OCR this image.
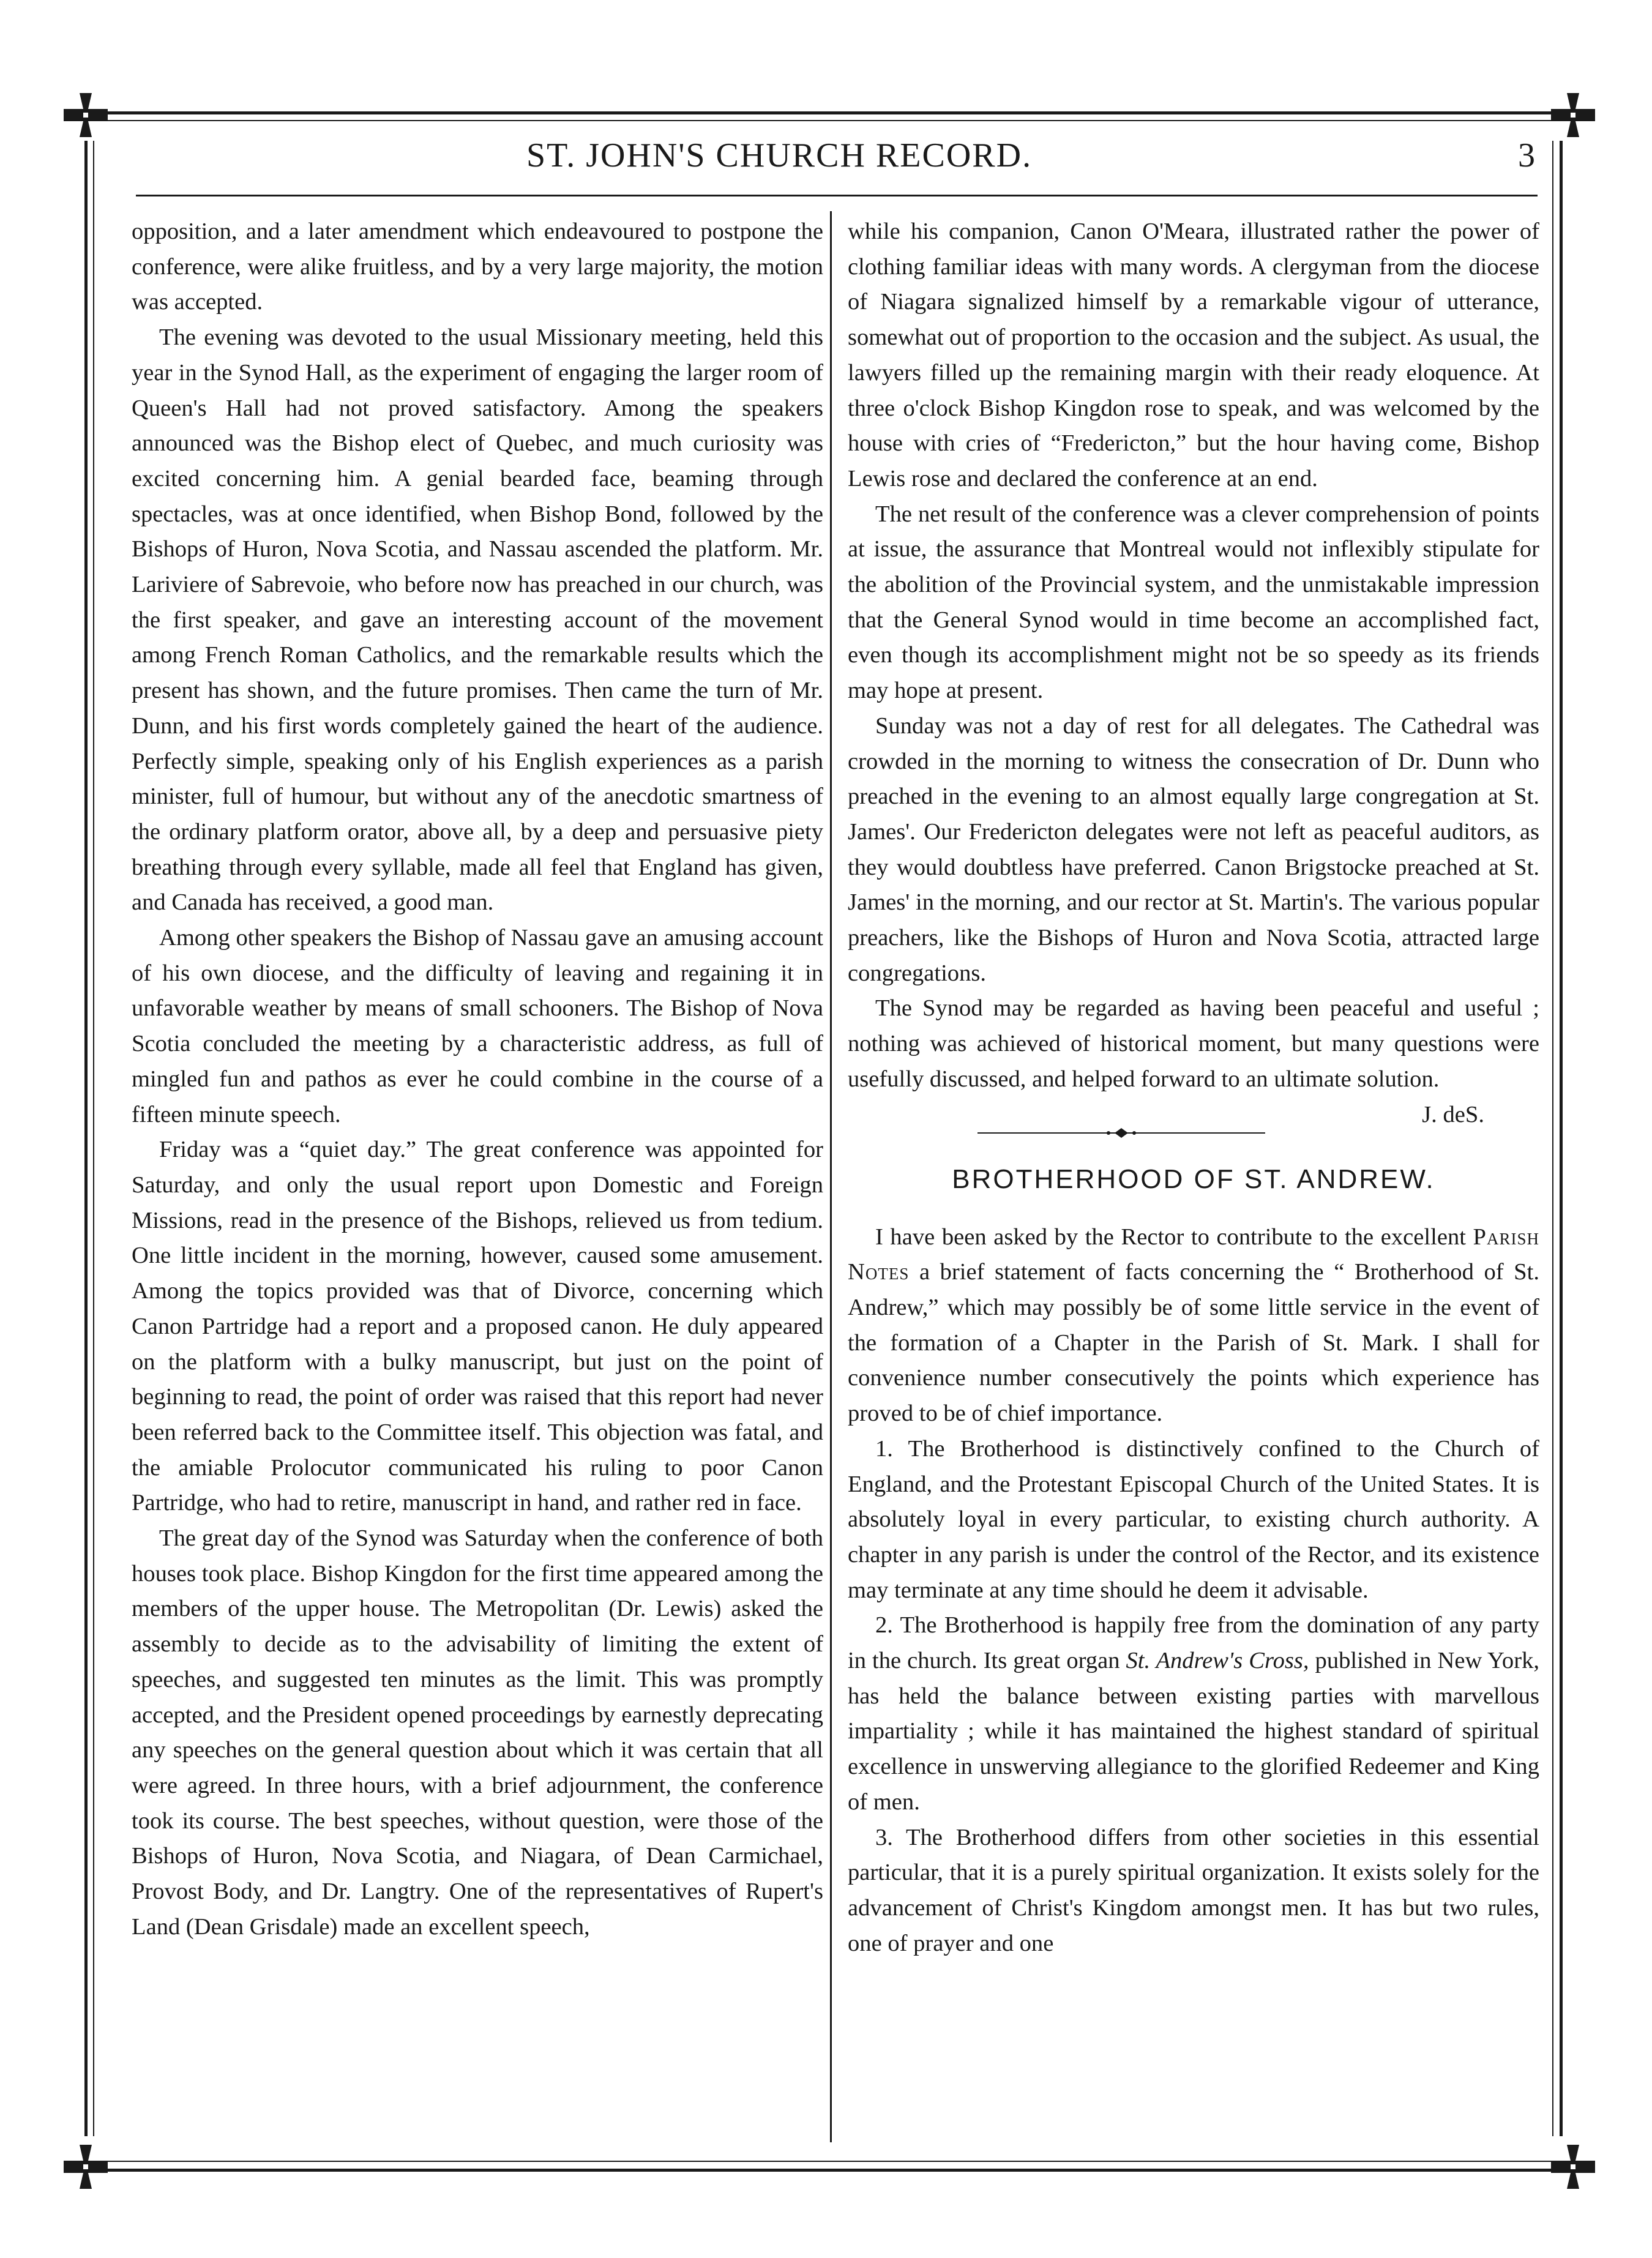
ST. JOHN'S CHURCH RECORD.	3

opposition, and a later amendment which endeavoured to postpone the conference, were alike fruitless, and by a very large majority, the motion was accepted.

The evening was devoted to the usual Missionary meeting, held this year in the Synod Hall, as the experiment of engaging the larger room of Queen's Hall had not proved satisfactory. Among the speakers announced was the Bishop elect of Quebec, and much curiosity was excited concerning him. A genial bearded face, beaming through spectacles, was at once identified, when Bishop Bond, followed by the Bishops of Huron, Nova Scotia, and Nassau ascended the platform. Mr. Lariviere of Sabrevoie, who before now has preached in our church, was the first speaker, and gave an interesting account of the movement among French Roman Catholics, and the remarkable results which the present has shown, and the future promises. Then came the turn of Mr. Dunn, and his first words completely gained the heart of the audience. Perfectly simple, speaking only of his English experiences as a parish minister, full of humour, but without any of the anecdotic smartness of the ordinary platform orator, above all, by a deep and persuasive piety breathing through every syllable, made all feel that England has given, and Canada has received, a good man.

Among other speakers the Bishop of Nassau gave an amusing account of his own diocese, and the difficulty of leaving and regaining it in unfavorable weather by means of small schooners. The Bishop of Nova Scotia concluded the meeting by a characteristic address, as full of mingled fun and pathos as ever he could combine in the course of a fifteen minute speech.

Friday was a “quiet day.” The great conference was appointed for Saturday, and only the usual report upon Domestic and Foreign Missions, read in the presence of the Bishops, relieved us from tedium. One little incident in the morning, however, caused some amusement. Among the topics provided was that of Divorce, concerning which Canon Partridge had a report and a proposed canon. He duly appeared on the platform with a bulky manuscript, but just on the point of beginning to read, the point of order was raised that this report had never been referred back to the Committee itself. This objection was fatal, and the amiable Prolocutor communicated his ruling to poor Canon Partridge, who had to retire, manuscript in hand, and rather red in face.

The great day of the Synod was Saturday when the conference of both houses took place. Bishop Kingdon for the first time appeared among the members of the upper house. The Metropolitan (Dr. Lewis) asked the assembly to decide as to the advisability of limiting the extent of speeches, and suggested ten minutes as the limit. This was promptly accepted, and the President opened proceedings by earnestly deprecating any speeches on the general question about which it was certain that all were agreed. In three hours, with a brief adjournment, the conference took its course. The best speeches, without question, were those of the Bishops of Huron, Nova Scotia, and Niagara, of Dean Carmichael, Provost Body, and Dr. Langtry. One of the representatives of Rupert's Land (Dean Grisdale) made an excellent speech,

while his companion, Canon O'Meara, illustrated rather the power of clothing familiar ideas with many words. A clergyman from the diocese of Niagara signalized himself by a remarkable vigour of utterance, somewhat out of proportion to the occasion and the subject. As usual, the lawyers filled up the remaining margin with their ready eloquence. At three o'clock Bishop Kingdon rose to speak, and was welcomed by the house with cries of “Fredericton,” but the hour having come, Bishop Lewis rose and declared the conference at an end.

The net result of the conference was a clever comprehension of points at issue, the assurance that Montreal would not inflexibly stipulate for the abolition of the Provincial system, and the unmistakable impression that the General Synod would in time become an accomplished fact, even though its accomplishment might not be so speedy as its friends may hope at present.

Sunday was not a day of rest for all delegates. The Cathedral was crowded in the morning to witness the consecration of Dr. Dunn who preached in the evening to an almost equally large congregation at St. James'. Our Fredericton delegates were not left as peaceful auditors, as they would doubtless have preferred. Canon Brigstocke preached at St. James' in the morning, and our rector at St. Martin's. The various popular preachers, like the Bishops of Huron and Nova Scotia, attracted large congregations.

The Synod may be regarded as having been peaceful and useful ; nothing was achieved of historical moment, but many questions were usefully discussed, and helped forward to an ultimate solution.
J. deS.

BROTHERHOOD OF ST. ANDREW.

I have been asked by the Rector to contribute to the excellent Parish Notes a brief statement of facts concerning the “ Brotherhood of St. Andrew,” which may possibly be of some little service in the event of the formation of a Chapter in the Parish of St. Mark. I shall for convenience number consecutively the points which experience has proved to be of chief importance.

1. The Brotherhood is distinctively confined to the Church of England, and the Protestant Episcopal Church of the United States. It is absolutely loyal in every particular, to existing church authority. A chapter in any parish is under the control of the Rector, and its existence may terminate at any time should he deem it advisable.

2. The Brotherhood is happily free from the domination of any party in the church. Its great organ St. Andrew's Cross, published in New York, has held the balance between existing parties with marvellous impartiality ; while it has maintained the highest standard of spiritual excellence in unswerving allegiance to the glorified Redeemer and King of men.

3. The Brotherhood differs from other societies in this essential particular, that it is a purely spiritual organization. It exists solely for the advancement of Christ's Kingdom amongst men. It has but two rules, one of prayer and one
